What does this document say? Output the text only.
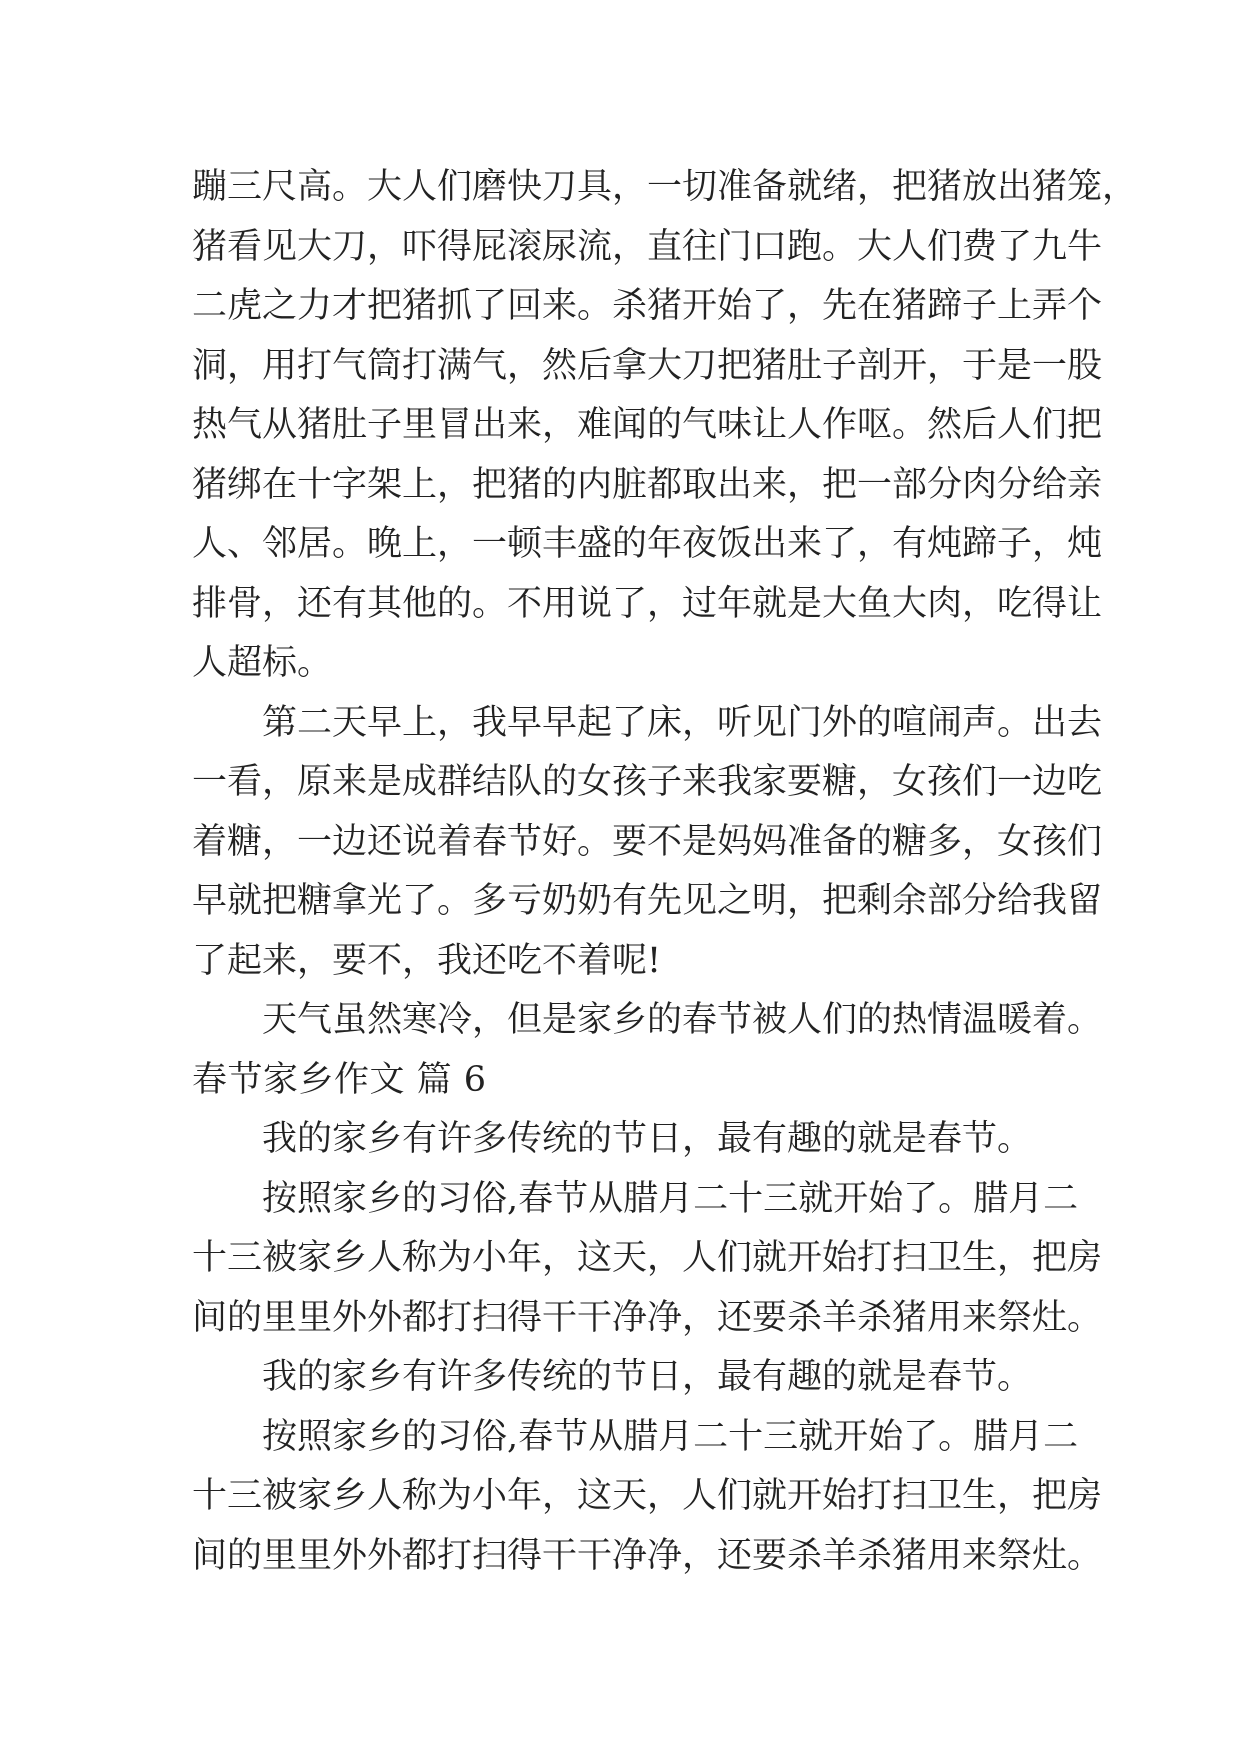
蹦三尺高。大人们磨快刀具，一切准备就绪，把猪放出猪笼，
猪看见大刀，吓得屁滚尿流，直往门口跑。大人们费了九牛
二虎之力才把猪抓了回来。杀猪开始了，先在猪蹄子上弄个
洞，用打气筒打满气，然后拿大刀把猪肚子剖开，于是一股
热气从猪肚子里冒出来，难闻的气味让人作呕。然后人们把
猪绑在十字架上，把猪的内脏都取出来，把一部分肉分给亲
人、邻居。晚上，一顿丰盛的年夜饭出来了，有炖蹄子，炖
排骨，还有其他的。不用说了，过年就是大鱼大肉，吃得让
人超标。
第二天早上，我早早起了床，听见门外的喧闹声。出去
一看，原来是成群结队的女孩子来我家要糖，女孩们一边吃
着糖，一边还说着春节好。要不是妈妈准备的糖多，女孩们
早就把糖拿光了。多亏奶奶有先见之明，把剩余部分给我留
了起来，要不，我还吃不着呢!
天气虽然寒冷，但是家乡的春节被人们的热情温暖着。
春节家乡作文 篇 6
我的家乡有许多传统的节日，最有趣的就是春节。
按照家乡的习俗,春节从腊月二十三就开始了。腊月二
十三被家乡人称为小年，这天，人们就开始打扫卫生，把房
间的里里外外都打扫得干干净净，还要杀羊杀猪用来祭灶。
我的家乡有许多传统的节日，最有趣的就是春节。
按照家乡的习俗,春节从腊月二十三就开始了。腊月二
十三被家乡人称为小年，这天，人们就开始打扫卫生，把房
间的里里外外都打扫得干干净净，还要杀羊杀猪用来祭灶。
